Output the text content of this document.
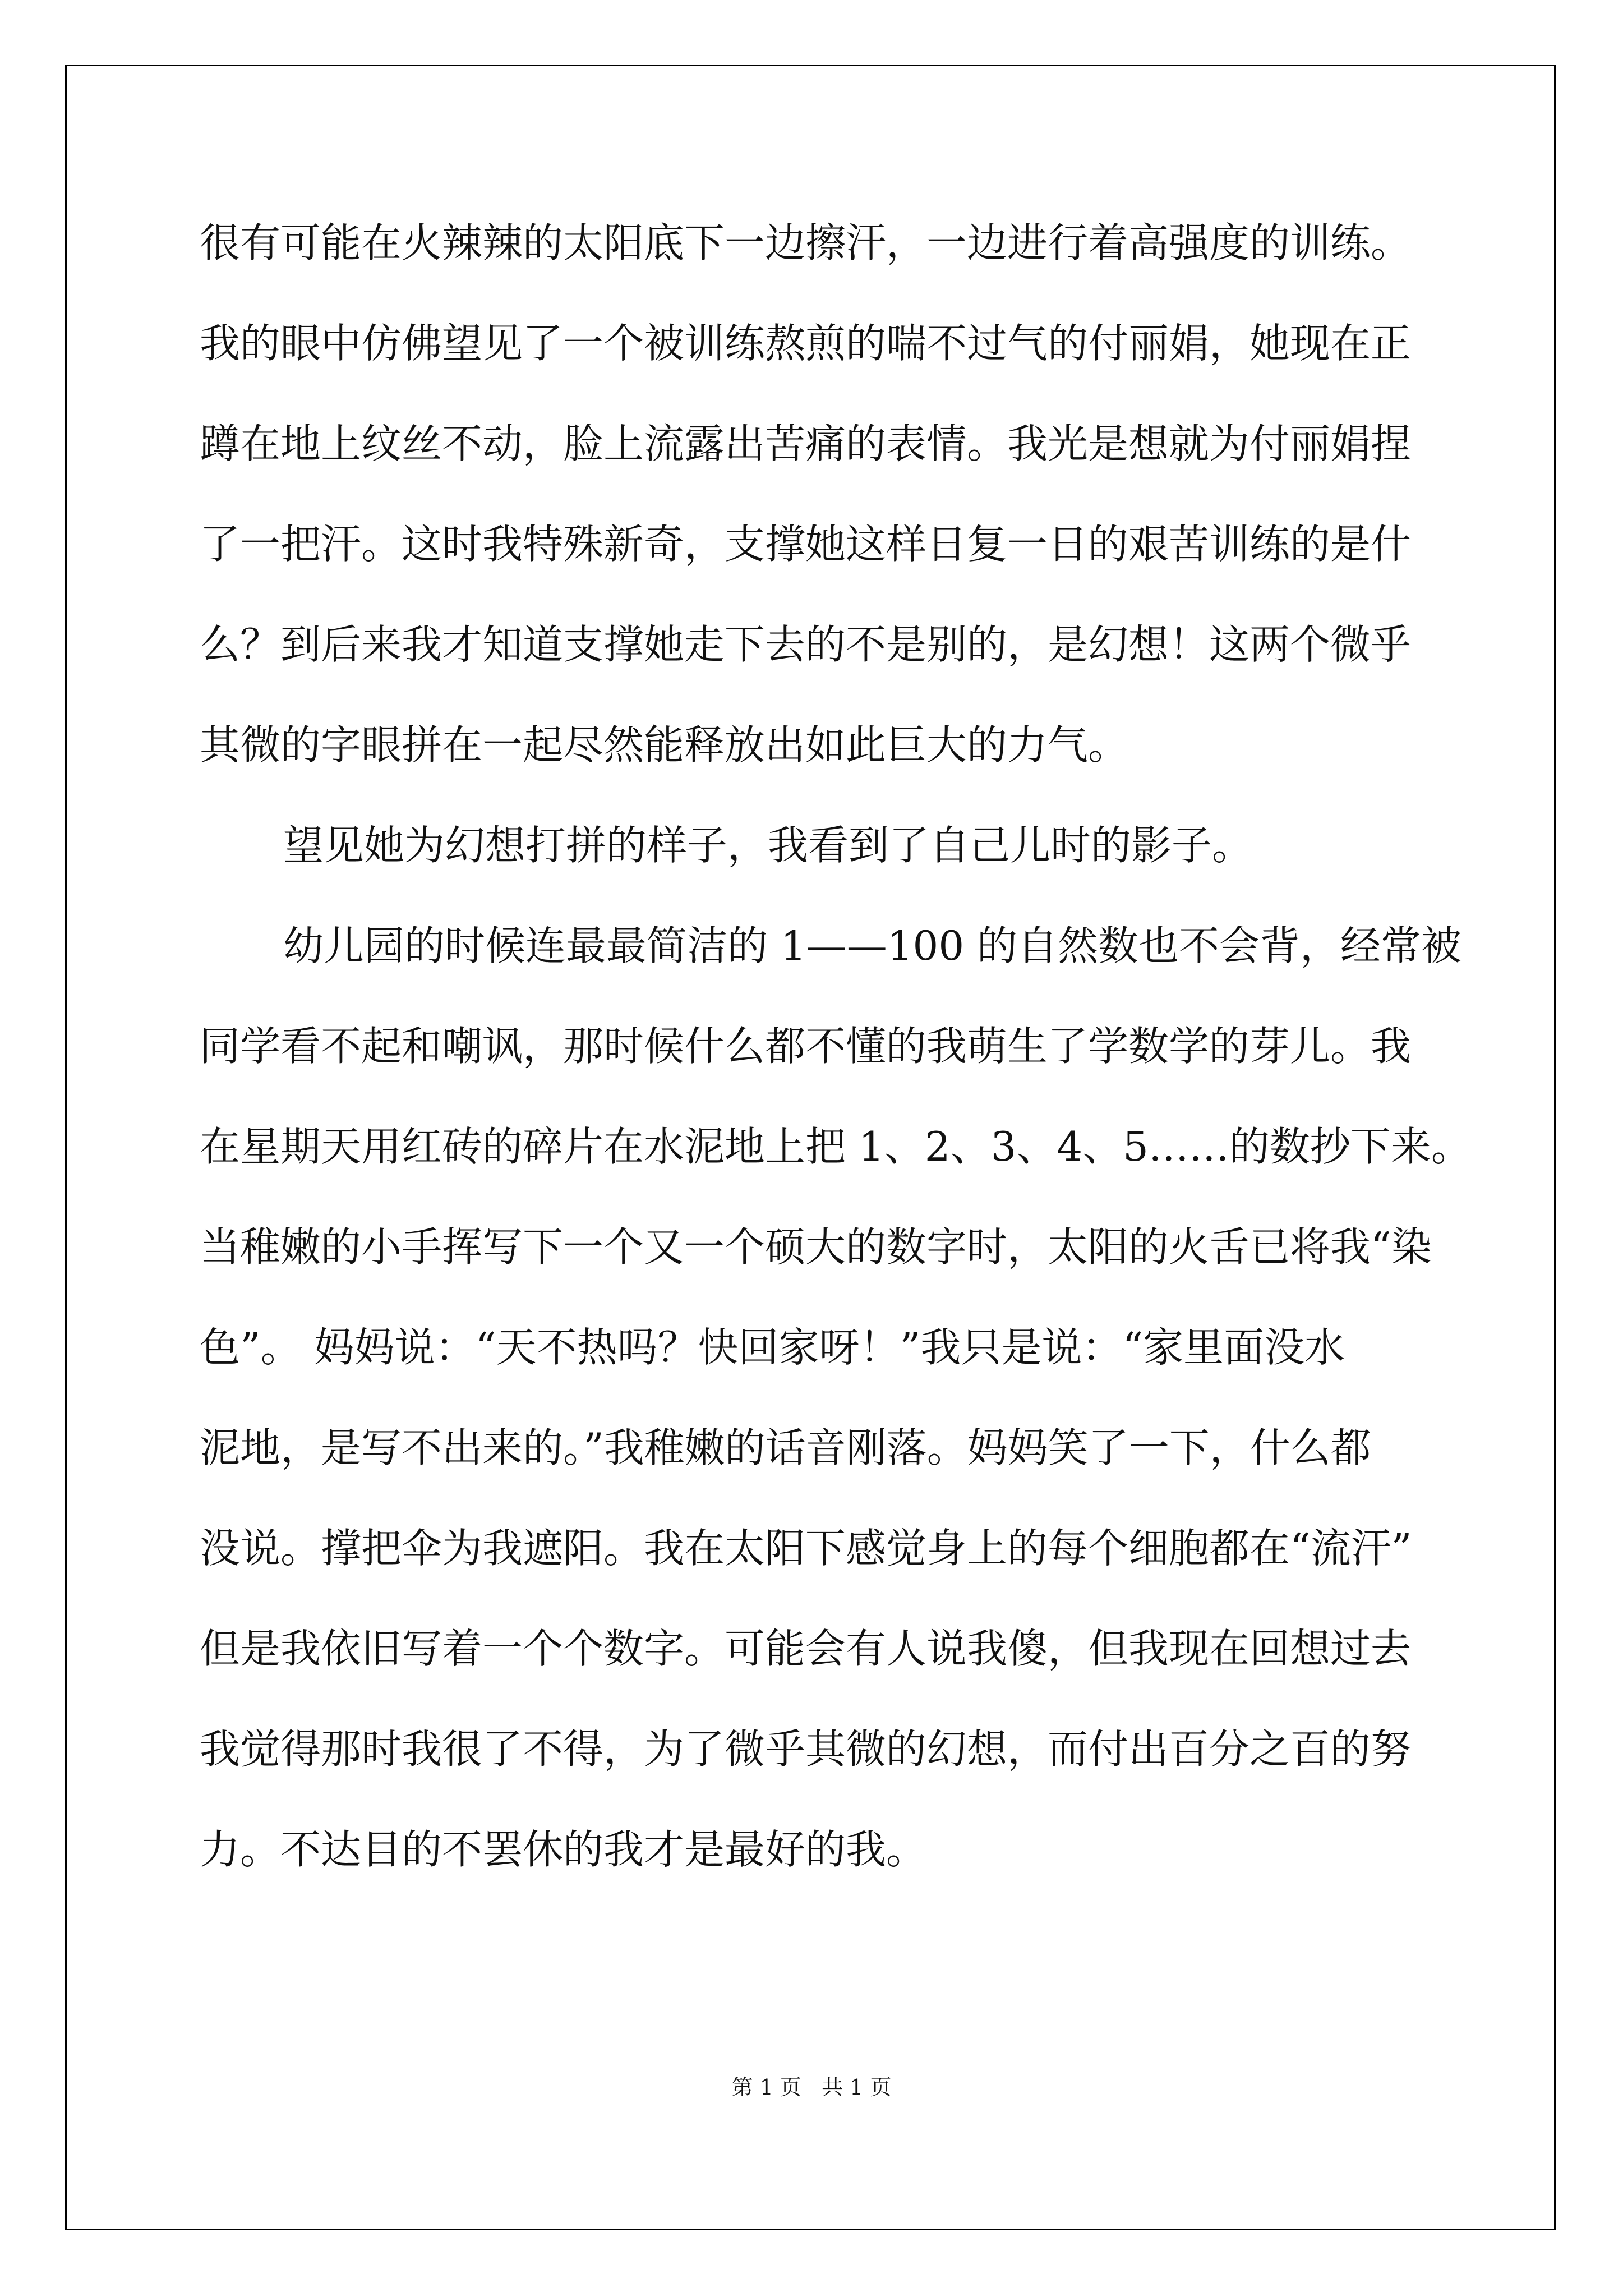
很有可能在火辣辣的太阳底下一边擦汗，一边进行着高强度的训练。
我的眼中仿佛望见了一个被训练熬煎的喘不过气的付丽娟，她现在正
蹲在地上纹丝不动，脸上流露出苦痛的表情。我光是想就为付丽娟捏
了一把汗。这时我特殊新奇，支撑她这样日复一日的艰苦训练的是什
么？到后来我才知道支撑她走下去的不是别的，是幻想！这两个微乎
其微的字眼拼在一起尽然能释放出如此巨大的力气。
望见她为幻想打拼的样子，我看到了自己儿时的影子。
幼儿园的时候连最最简洁的 1——100 的自然数也不会背，经常被
同学看不起和嘲讽，那时候什么都不懂的我萌生了学数学的芽儿。我
在星期天用红砖的碎片在水泥地上把 1、2、3、4、5……的数抄下来。
当稚嫩的小手挥写下一个又一个硕大的数字时，太阳的火舌已将我“染
色”。 妈妈说：“天不热吗？快回家呀！”我只是说：“家里面没水
泥地，是写不出来的。”我稚嫩的话音刚落。妈妈笑了一下，什么都
没说。撑把伞为我遮阳。我在太阳下感觉身上的每个细胞都在“流汗”
但是我依旧写着一个个数字。可能会有人说我傻，但我现在回想过去
我觉得那时我很了不得，为了微乎其微的幻想，而付出百分之百的努
力。不达目的不罢休的我才是最好的我。
第 1 页   共 1 页
